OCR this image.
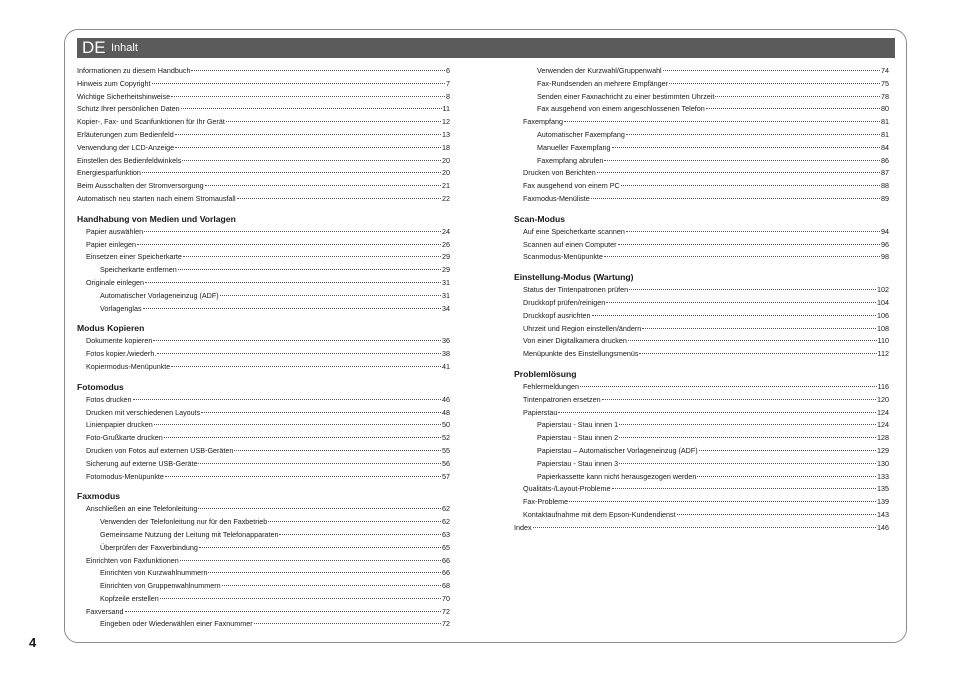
DE Inhalt
Informationen zu diesem Handbuch	6
Hinweis zum Copyright	7
Wichtige Sicherheitshinweise	8
Schutz Ihrer persönlichen Daten	11
Kopier-, Fax- und Scanfunktionen für Ihr Gerät	12
Erläuterungen zum Bedienfeld	13
Verwendung der LCD-Anzeige	18
Einstellen des Bedienfeldwinkels	20
Energiesparfunktion	20
Beim Ausschalten der Stromversorgung	21
Automatisch neu starten nach einem Stromausfall	22
Handhabung von Medien und Vorlagen
Papier auswählen	24
Papier einlegen	26
Einsetzen einer Speicherkarte	29
Speicherkarte entfernen	29
Originale einlegen	31
Automatischer Vorlageneinzug (ADF)	31
Vorlagenglas	34
Modus Kopieren
Dokumente kopieren	36
Fotos kopier./wiederh.	38
Kopiermodus-Menüpunkte	41
Fotomodus
Fotos drucken	46
Drucken mit verschiedenen Layouts	48
Linienpapier drucken	50
Foto-Grußkarte drucken	52
Drucken von Fotos auf externen USB-Geräten	55
Sicherung auf externe USB-Geräte	56
Fotomodus-Menüpunkte	57
Faxmodus
Anschließen an eine Telefonleitung	62
Verwenden der Telefonleitung nur für den Faxbetrieb	62
Gemeinsame Nutzung der Leitung mit Telefonapparaten	63
Überprüfen der Faxverbindung	65
Einrichten von Faxfunktionen	66
Einrichten von Kurzwahlnummern	66
Einrichten von Gruppenwahlnummern	68
Kopfzeile erstellen	70
Faxversand	72
Eingeben oder Wiederwählen einer Faxnummer	72
Verwenden der Kurzwahl/Gruppenwahl	74
Fax-Rundsenden an mehrere Empfänger	75
Senden einer Faxnachricht zu einer bestimmten Uhrzeit	78
Fax ausgehend von einem angeschlossenen Telefon	80
Faxempfang	81
Automatischer Faxempfang	81
Manueller Faxempfang	84
Faxempfang abrufen	86
Drucken von Berichten	87
Fax ausgehend von einem PC	88
Faxmodus-Menüliste	89
Scan-Modus
Auf eine Speicherkarte scannen	94
Scannen auf einen Computer	96
Scanmodus-Menüpunkte	98
Einstellung-Modus (Wartung)
Status der Tintenpatronen prüfen	102
Druckkopf prüfen/reinigen	104
Druckkopf ausrichten	106
Uhrzeit und Region einstellen/ändern	108
Von einer Digitalkamera drucken	110
Menüpunkte des Einstellungsmenüs	112
Problemlösung
Fehlermeldungen	116
Tintenpatronen ersetzen	120
Papierstau	124
Papierstau - Stau innen 1	124
Papierstau - Stau innen 2	128
Papierstau – Automatischer Vorlageneinzug (ADF)	129
Papierstau - Stau innen 3	130
Papierkassette kann nicht herausgezogen werden	133
Qualitäts-/Layout-Probleme	135
Fax-Probleme	139
Kontaktaufnahme mit dem Epson-Kundendienst	143
Index	146
4
